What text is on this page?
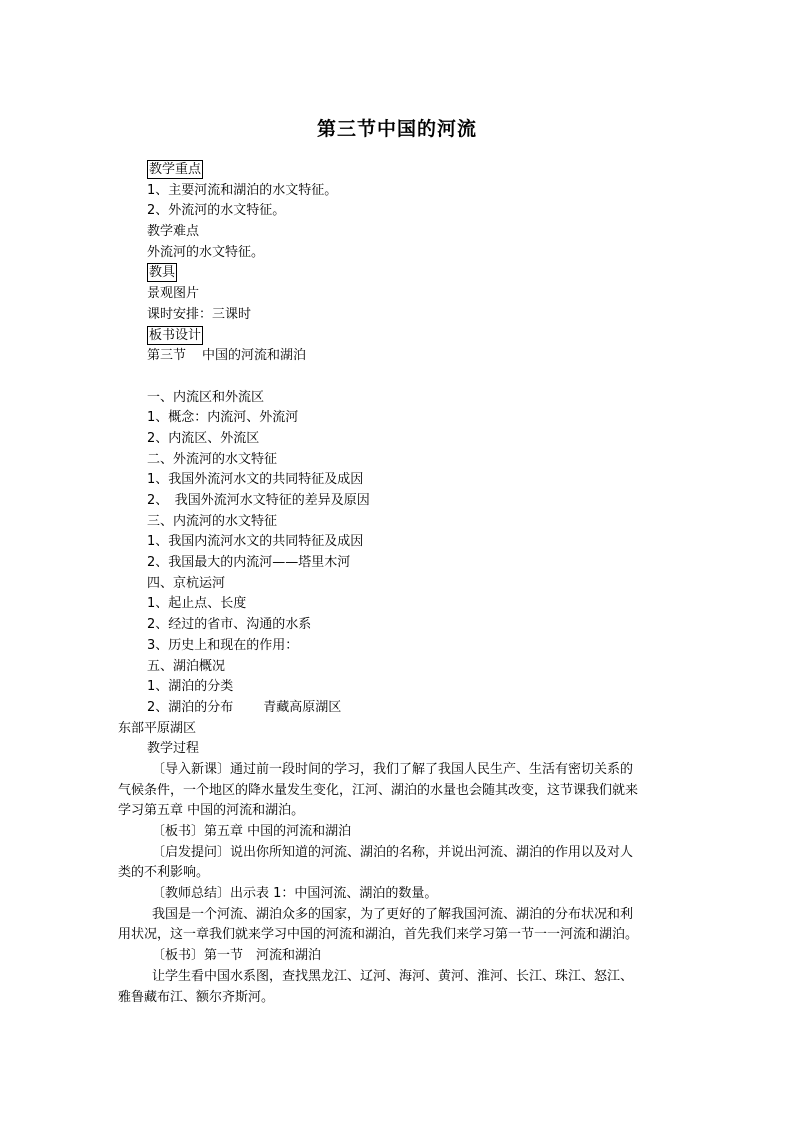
第三节中国的河流
教学重点
1、主要河流和湖泊的水文特征。
2、外流河的水文特征。
教学难点
外流河的水文特征。
教具
景观图片
课时安排：三课时
板书设计
第三节 中国的河流和湖泊
一、内流区和外流区
1、概念：内流河、外流河
2、内流区、外流区
二、外流河的水文特征
1、我国外流河水文的共同特征及成因
2、　我国外流河水文特征的差异及原因
三、内流河的水文特征
1、我国内流河水文的共同特征及成因
2、我国最大的内流河——塔里木河
四、京杭运河
1、起止点、长度
2、经过的省市、沟通的水系
3、历史上和现在的作用：
五、湖泊概况
1、湖泊的分类
2、湖泊的分布 青藏高原湖区
东部平原湖区
教学过程
〔导入新课〕通过前一段时间的学习，我们了解了我国人民生产、生活有密切关系的
气候条件，一个地区的降水量发生变化，江河、湖泊的水量也会随其改变，这节课我们就来
学习第五章 中国的河流和湖泊。
〔板书〕第五章 中国的河流和湖泊
〔启发提问〕说出你所知道的河流、湖泊的名称，并说出河流、湖泊的作用以及对人
类的不利影响。
〔教师总结〕出示表 1：中国河流、湖泊的数量。
我国是一个河流、湖泊众多的国家，为了更好的了解我国河流、湖泊的分布状况和利
用状况，这一章我们就来学习中国的河流和湖泊，首先我们来学习第一节一一河流和湖泊。
〔板书〕第一节　河流和湖泊
让学生看中国水系图，查找黑龙江、辽河、海河、黄河、淮河、长江、珠江、怒江、
雅鲁藏布江、额尔齐斯河。
